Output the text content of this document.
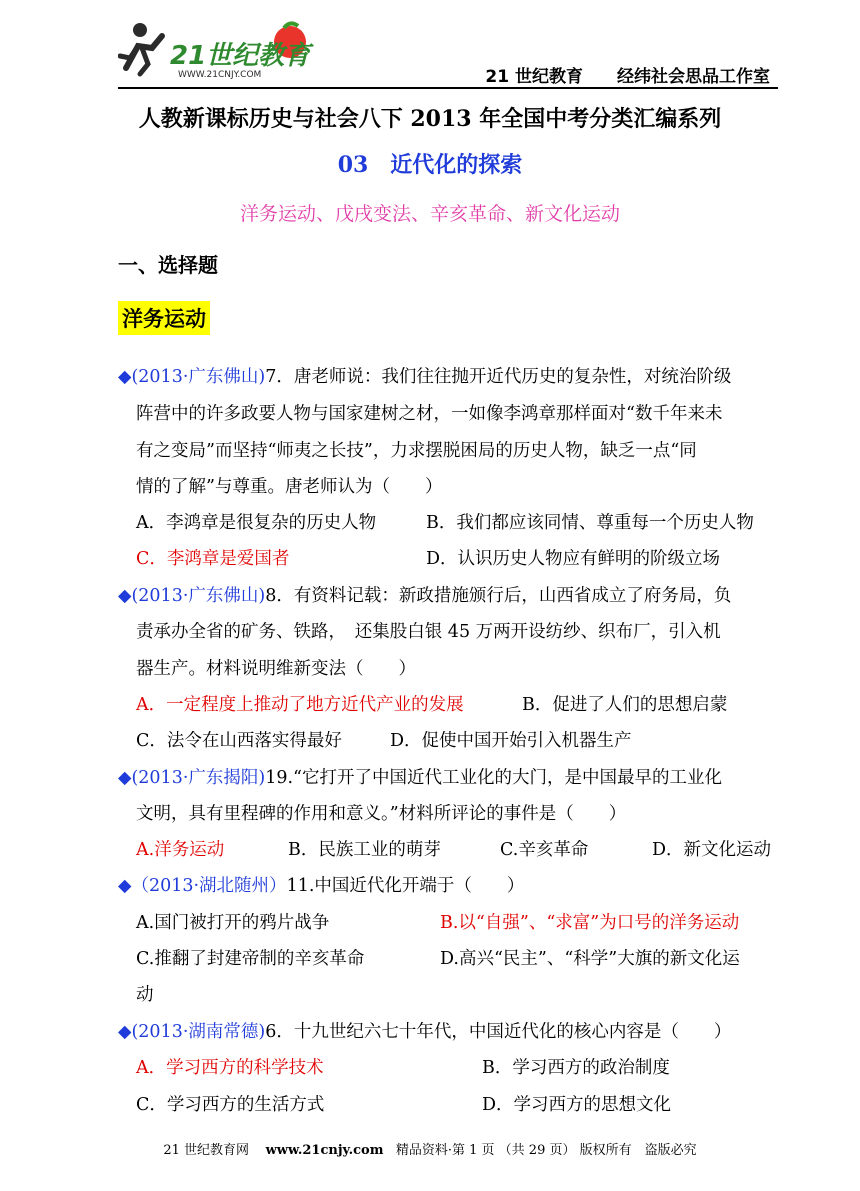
21世纪教育
WWW.21CNJY.COM	21 世纪教育　　经纬社会思品工作室
人教新课标历史与社会八下 2013 年全国中考分类汇编系列
03　近代化的探索
洋务运动、戊戌变法、辛亥革命、新文化运动
一、选择题
洋务运动
◆(2013·广东佛山)7．唐老师说：我们往往抛开近代历史的复杂性，对统治阶级
阵营中的许多政要人物与国家建树之材，一如像李鸿章那样面对“数千年来未
有之变局”而坚持“师夷之长技”，力求摆脱困局的历史人物，缺乏一点“同
情的了解”与尊重。唐老师认为（　　）
A．李鸿章是很复杂的历史人物	B．我们都应该同情、尊重每一个历史人物
C．李鸿章是爱国者	D．认识历史人物应有鲜明的阶级立场
◆(2013·广东佛山)8．有资料记载：新政措施颁行后，山西省成立了府务局，负
责承办全省的矿务、铁路，　还集股白银 45 万两开设纺纱、织布厂，引入机
器生产。材料说明维新变法（　　）
A．一定程度上推动了地方近代产业的发展	B．促进了人们的思想启蒙
C．法令在山西落实得最好	D．促使中国开始引入机器生产
◆(2013·广东揭阳)19.“它打开了中国近代工业化的大门，是中国最早的工业化
文明，具有里程碑的作用和意义。”材料所评论的事件是（　　）
A.洋务运动	B．民族工业的萌芽	C.辛亥革命	D．新文化运动
◆（2013·湖北随州）11.中国近代化开端于（　　）
A.国门被打开的鸦片战争	B.以“自强”、“求富”为口号的洋务运动
C.推翻了封建帝制的辛亥革命	D.高兴“民主”、“科学”大旗的新文化运
动
◆(2013·湖南常德)6．十九世纪六七十年代，中国近代化的核心内容是（　　）
A．学习西方的科学技术	B．学习西方的政治制度
C．学习西方的生活方式	D．学习西方的思想文化
21 世纪教育网 www.21cnjy.com 精品资料·第 1 页 （共 29 页） 版权所有　盗版必究
